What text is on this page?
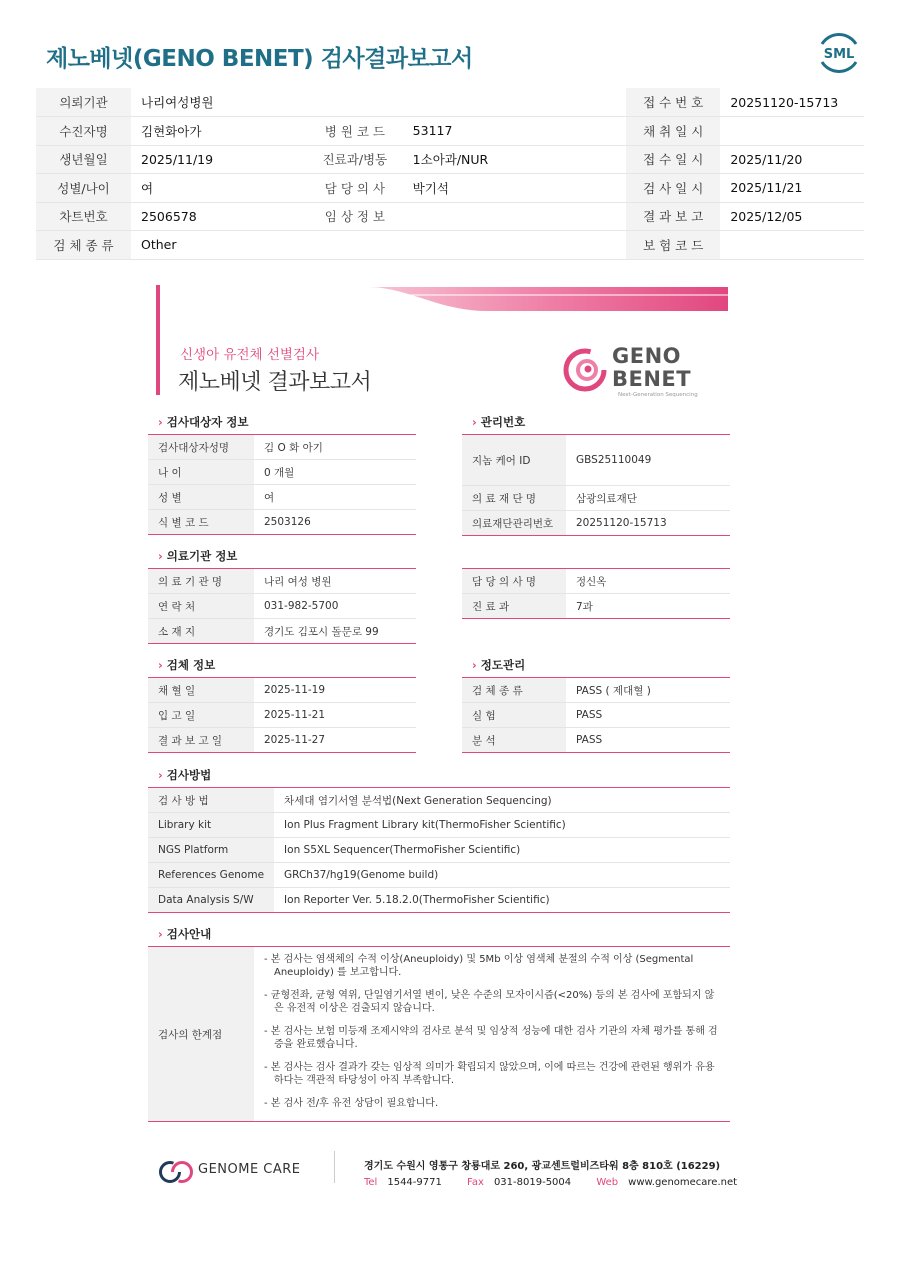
제노베넷(GENO BENET) 검사결과보고서	SML
의뢰기관	나리여성병원				접 수 번 호	20251120-15713
수진자명	김현화아가	병 원 코 드	53117		채 취 일 시	
생년월일	2025/11/19	진료과/병동	1소아과/NUR		접 수 일 시	2025/11/20
성별/나이	여	담 당 의 사	박기석		검 사 일 시	2025/11/21
차트번호	2506578	임 상 정 보			결 과 보 고	2025/12/05
검 체 종 류	Other				보 험 코 드	
신생아 유전체 선별검사
제노베넷 결과보고서
GENO
BENET
Next-Generation Sequencing
› 검사대상자 정보
검사대상자성명	김 O 화 아기
나 이	0 개월
성 별	여
식 별 코 드	2503126
› 관리번호
지놈 케어 ID	GBS25110049
의 료 재 단 명	삼광의료재단
의료재단관리번호	20251120-15713
› 의료기관 정보
의 료 기 관 명	나리 여성 병원
연 락 처	031-982-5700
소 재 지	경기도 김포시 돌문로 99
담 당 의 사 명	정신옥
진 료 과	7과
› 검체 정보
채 혈 일	2025-11-19
입 고 일	2025-11-21
결 과 보 고 일	2025-11-27
› 정도관리
검 체 종 류	PASS ( 제대혈 )
실 험	PASS
분 석	PASS
› 검사방법
검 사 방 법	차세대 염기서열 분석법(Next Generation Sequencing)
Library kit	Ion Plus Fragment Library kit(ThermoFisher Scientific)
NGS Platform	Ion S5XL Sequencer(ThermoFisher Scientific)
References Genome	GRCh37/hg19(Genome build)
Data Analysis S/W	Ion Reporter Ver. 5.18.2.0(ThermoFisher Scientific)
› 검사안내
검사의 한계점	
- 본 검사는 염색체의 수적 이상(Aneuploidy) 및 5Mb 이상 염색체 분절의 수적 이상 (Segmental Aneuploidy) 를 보고합니다.
- 균형전좌, 균형 역위, 단일염기서열 변이, 낮은 수준의 모자이시즘(<20%) 등의 본 검사에 포함되지 않은 유전적 이상은 검출되지 않습니다.
- 본 검사는 보험 미등재 조제시약의 검사로 분석 및 임상적 성능에 대한 검사 기관의 자체 평가를 통해 검증을 완료했습니다.
- 본 검사는 검사 결과가 갖는 임상적 의미가 확립되지 않았으며, 이에 따르는 건강에 관련된 행위가 유용하다는 객관적 타당성이 아직 부족합니다.
- 본 검사 전/후 유전 상담이 필요합니다.
GENOME CARE	경기도 수원시 영통구 창룡대로 260, 광교센트럴비즈타워 8층 810호 (16229)
Tel 1544-9771	Fax 031-8019-5004	Web www.genomecare.net
